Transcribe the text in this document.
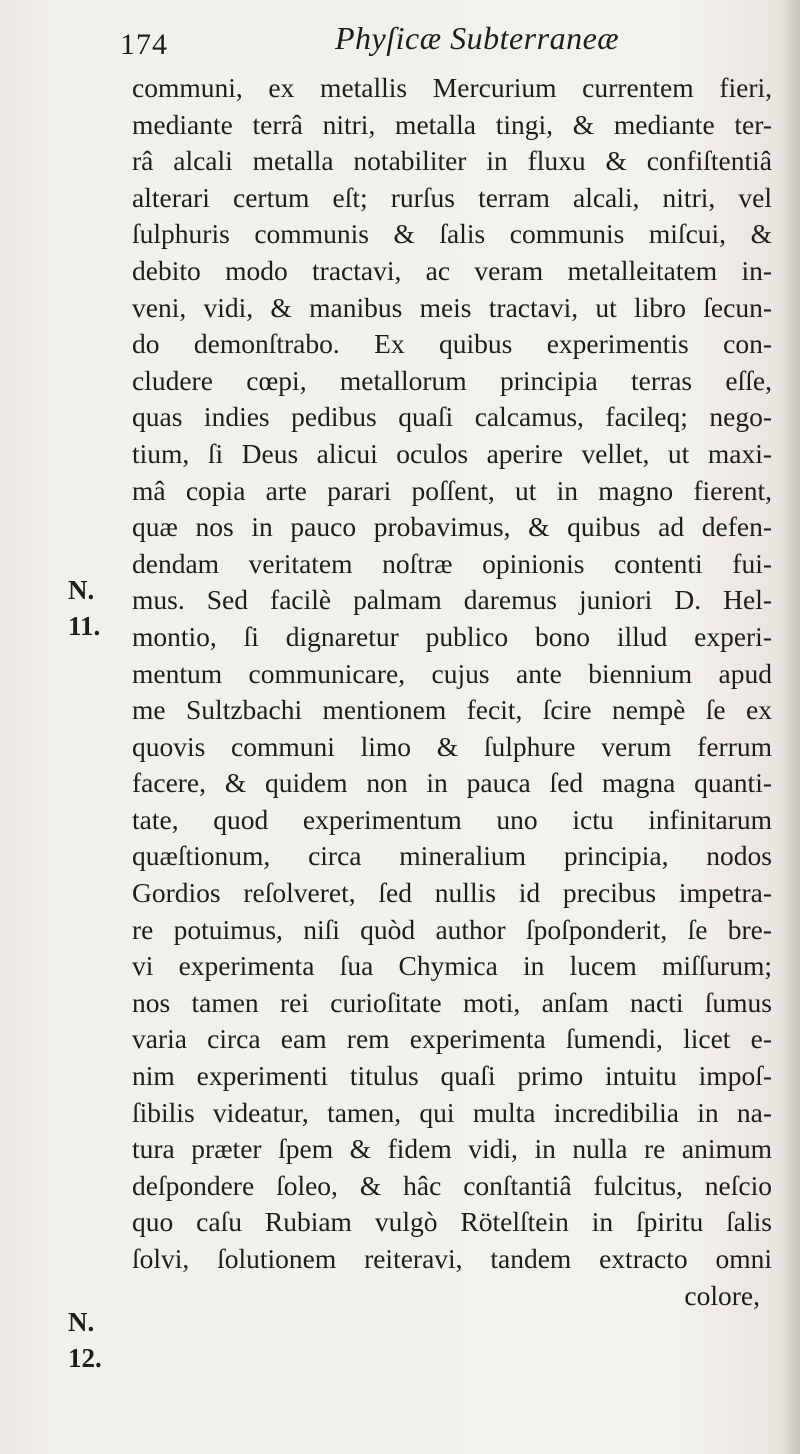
174	Phyſicæ Subterraneæ
N.
11.
N.
12.
communi, ex metallis Mercurium currentem fieri,
mediante terrâ nitri, metalla tingi, & mediante ter-
râ alcali metalla notabiliter in fluxu & confiſtentiâ
alterari certum eſt; rurſus terram alcali, nitri, vel
ſulphuris communis & ſalis communis miſcui, &
debito modo tractavi, ac veram metalleitatem in-
veni, vidi, & manibus meis tractavi, ut libro ſecun-
do demonſtrabo. Ex quibus experimentis con-
cludere cœpi, metallorum principia terras eſſe,
quas indies pedibus quaſi calcamus, facileq; nego-
tium, ſi Deus alicui oculos aperire vellet, ut maxi-
mâ copia arte parari poſſent, ut in magno fierent,
quæ nos in pauco probavimus, & quibus ad defen-
dendam veritatem noſtræ opinionis contenti fui-
mus. Sed facilè palmam daremus juniori D. Hel-
montio, ſi dignaretur publico bono illud experi-
mentum communicare, cujus ante biennium apud
me Sultzbachi mentionem fecit, ſcire nempè ſe ex
quovis communi limo & ſulphure verum ferrum
facere, & quidem non in pauca ſed magna quanti-
tate, quod experimentum uno ictu infinitarum
quæſtionum, circa mineralium principia, nodos
Gordios reſolveret, ſed nullis id precibus impetra-
re potuimus, niſi quòd author ſpoſponderit, ſe bre-
vi experimenta ſua Chymica in lucem miſſurum;
nos tamen rei curioſitate moti, anſam nacti ſumus
varia circa eam rem experimenta ſumendi, licet e-
nim experimenti titulus quaſi primo intuitu impoſ-
ſibilis videatur, tamen, qui multa incredibilia in na-
tura præter ſpem & fidem vidi, in nulla re animum
deſpondere ſoleo, & hâc conſtantiâ fulcitus, neſcio
quo caſu Rubiam vulgò Rötelſtein in ſpiritu ſalis
ſolvi, ſolutionem reiteravi, tandem extracto omni
colore,
